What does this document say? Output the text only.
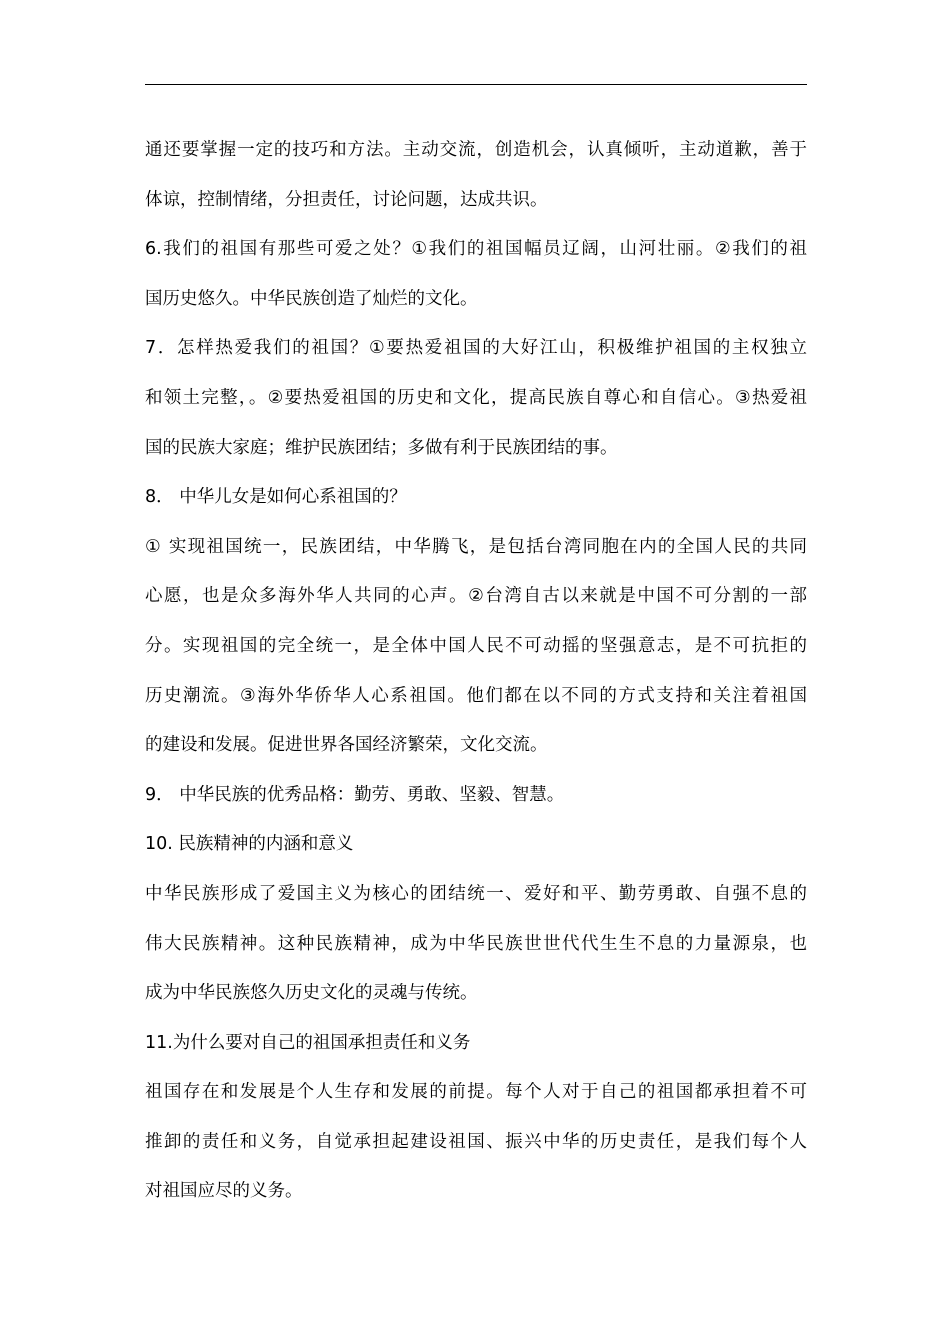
通还要掌握一定的技巧和方法。主动交流，创造机会，认真倾听，主动道歉，善于
体谅，控制情绪，分担责任，讨论问题，达成共识。
6.我们的祖国有那些可爱之处？①我们的祖国幅员辽阔，山河壮丽。②我们的祖
国历史悠久。中华民族创造了灿烂的文化。
7．怎样热爱我们的祖国？①要热爱祖国的大好江山，积极维护祖国的主权独立
和领土完整，。②要热爱祖国的历史和文化，提高民族自尊心和自信心。③热爱祖
国的民族大家庭；维护民族团结；多做有利于民族团结的事。
8． 中华儿女是如何心系祖国的？
① 实现祖国统一，民族团结，中华腾飞，是包括台湾同胞在内的全国人民的共同
心愿，也是众多海外华人共同的心声。②台湾自古以来就是中国不可分割的一部
分。实现祖国的完全统一，是全体中国人民不可动摇的坚强意志，是不可抗拒的
历史潮流。③海外华侨华人心系祖国。他们都在以不同的方式支持和关注着祖国
的建设和发展。促进世界各国经济繁荣，文化交流。
9． 中华民族的优秀品格：勤劳、勇敢、坚毅、智慧。
10. 民族精神的内涵和意义
中华民族形成了爱国主义为核心的团结统一、爱好和平、勤劳勇敢、自强不息的
伟大民族精神。这种民族精神，成为中华民族世世代代生生不息的力量源泉，也
成为中华民族悠久历史文化的灵魂与传统。
11.为什么要对自己的祖国承担责任和义务
祖国存在和发展是个人生存和发展的前提。每个人对于自己的祖国都承担着不可
推卸的责任和义务，自觉承担起建设祖国、振兴中华的历史责任，是我们每个人
对祖国应尽的义务。
